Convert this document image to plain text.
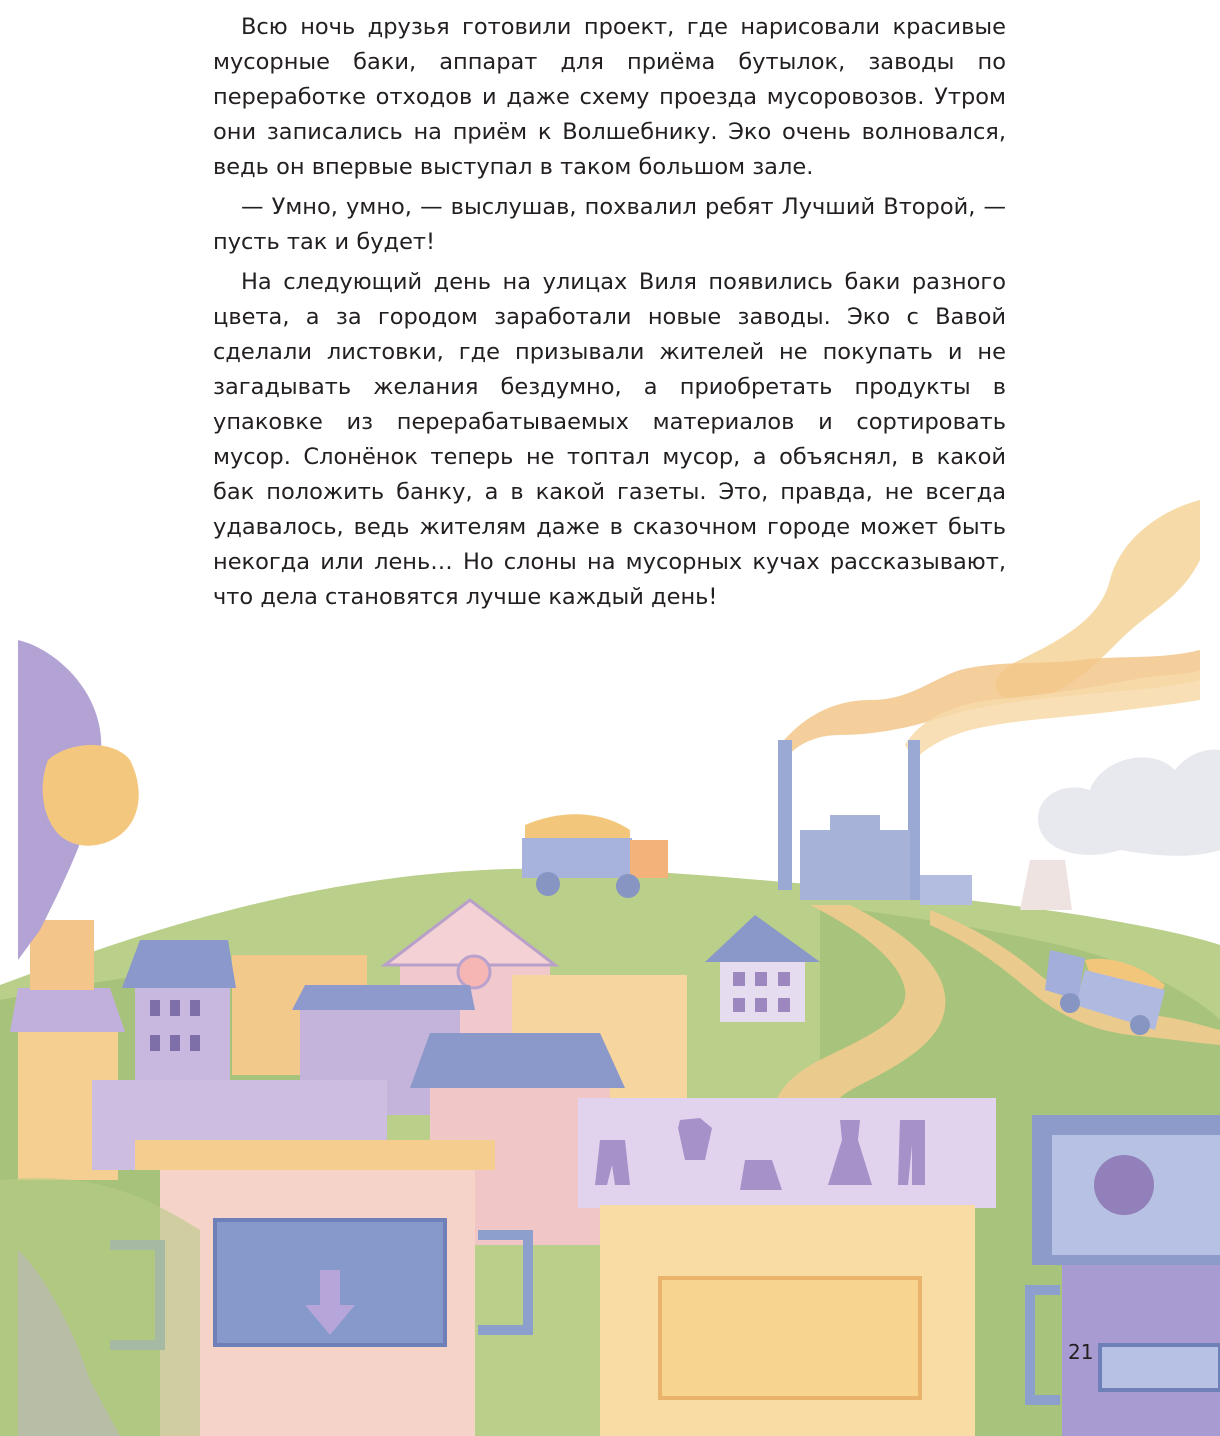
Всю ночь друзья готовили проект, где нарисовали красивые мусорные баки, аппарат для приёма бутылок, заводы по переработке отходов и даже схему проезда мусоровозов. Утром они записались на приём к Волшебнику. Эко очень волновался, ведь он впервые выступал в таком большом зале.

— Умно, умно, — выслушав, похвалил ребят Лучший Второй, — пусть так и будет!

На следующий день на улицах Виля появились баки разного цвета, а за городом заработали новые заводы. Эко с Вавой сделали листовки, где призывали жителей не покупать и не загадывать желания бездумно, а приобретать продукты в упаковке из перерабатываемых материалов и сортировать мусор. Слонёнок теперь не топтал мусор, а объяснял, в какой бак положить банку, а в какой газеты. Это, правда, не всегда удавалось, ведь жителям даже в сказочном городе может быть некогда или лень… Но слоны на мусорных кучах рассказывают, что дела становятся лучше каждый день!

21
